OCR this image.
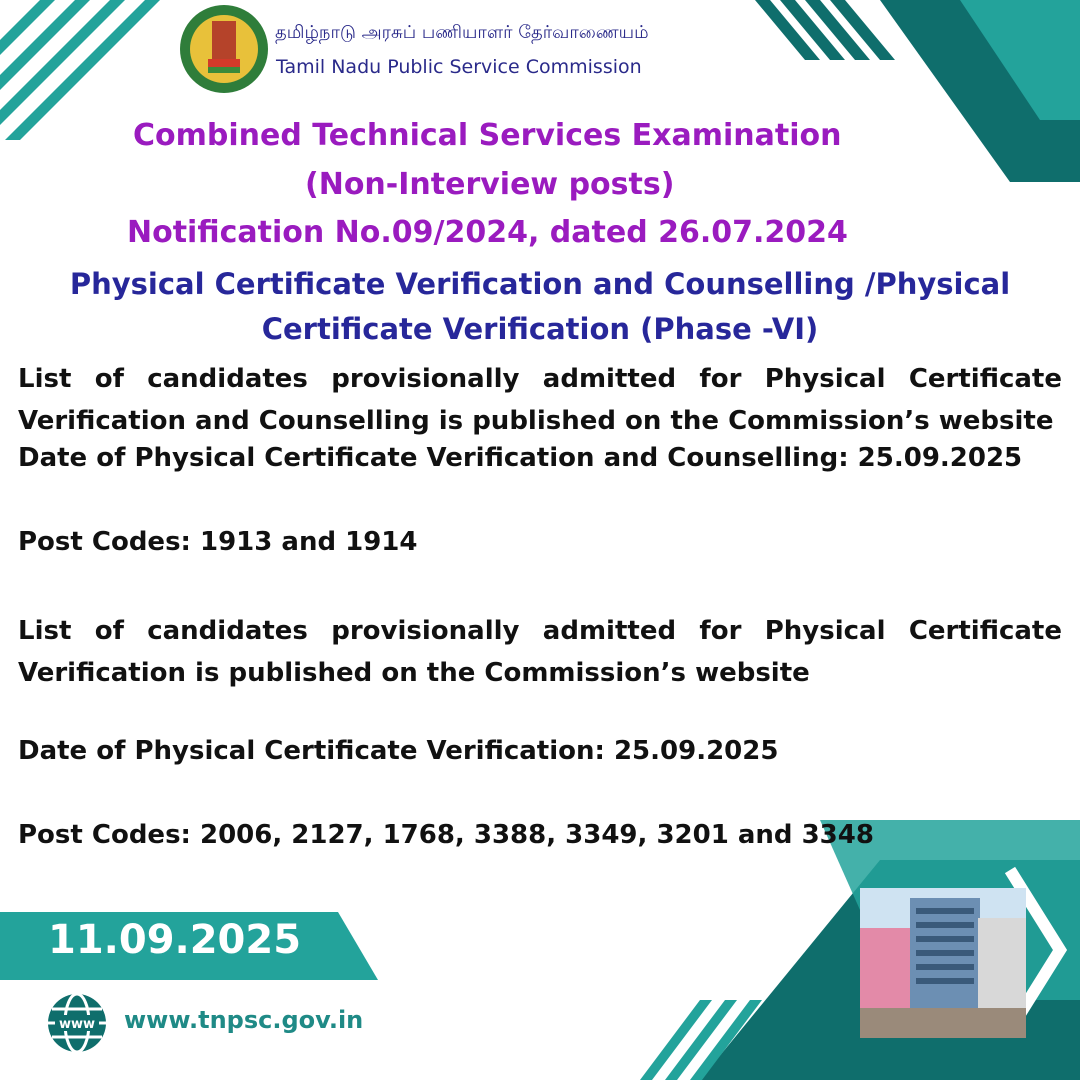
தமிழ்நாடு அரசுப் பணியாளர் தேர்வாணையம்
Tamil Nadu Public Service Commission
Combined Technical Services Examination
(Non-Interview posts)
Notification No.09/2024, dated 26.07.2024
Physical Certificate Verification and Counselling /Physical Certificate Verification (Phase -VI)
List of candidates provisionally admitted for Physical Certificate Verification and Counselling is published on the Commission’s website
Date of Physical Certificate Verification and Counselling: 25.09.2025
Post Codes: 1913 and 1914
List of candidates provisionally admitted for Physical Certificate Verification is published on the Commission’s website
Date of Physical Certificate Verification: 25.09.2025
Post Codes: 2006, 2127, 1768, 3388, 3349, 3201 and 3348
11.09.2025
www www.tnpsc.gov.in
